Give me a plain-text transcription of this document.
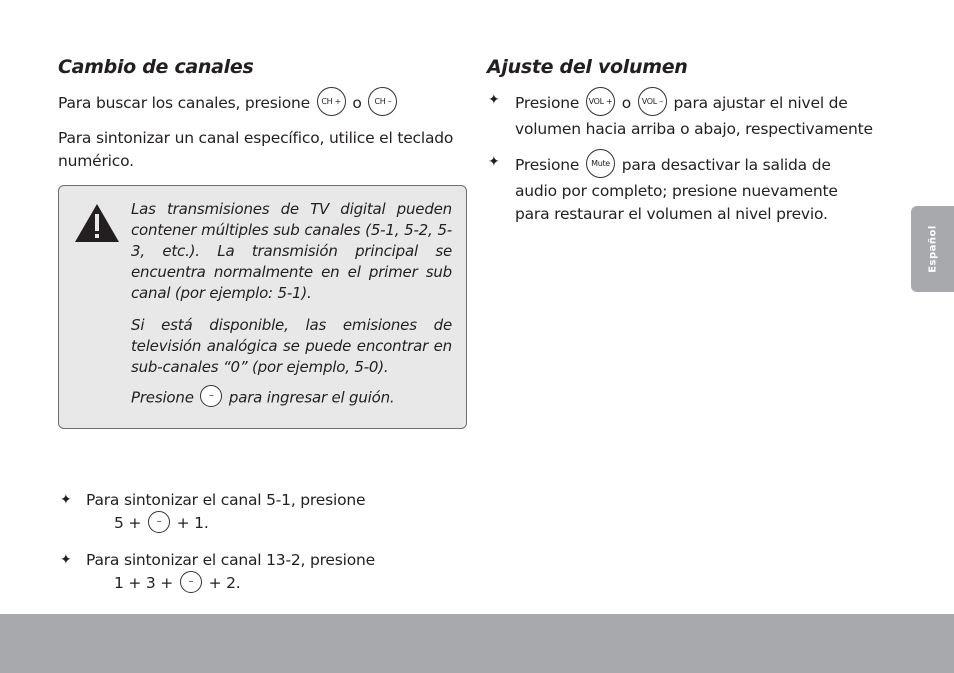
Cambio de canales

Para buscar los canales, presione CH + o CH –

Para sintonizar un canal específico, utilice el teclado numérico.

Las transmisiones de TV digital pueden contener múltiples sub canales (5-1, 5-2, 5-3, etc.). La transmisión principal se encuentra normalmente en el primer sub canal (por ejemplo: 5-1).

Si está disponible, las emisiones de televisión analógica se puede encontrar en sub-canales “0” (por ejemplo, 5-0).

Presione – para ingresar el guión.

✦ Para sintonizar el canal 5-1, presione
5 + – + 1.

✦ Para sintonizar el canal 13-2, presione
1 + 3 + – + 2.

Ajuste del volumen
✦ Presione VOL + o VOL – para ajustar el nivel de volumen hacia arriba o abajo, respectivamente

✦ Presione Mute para desactivar la salida de audio por completo; presione nuevamente para restaurar el volumen al nivel previo.

Español
